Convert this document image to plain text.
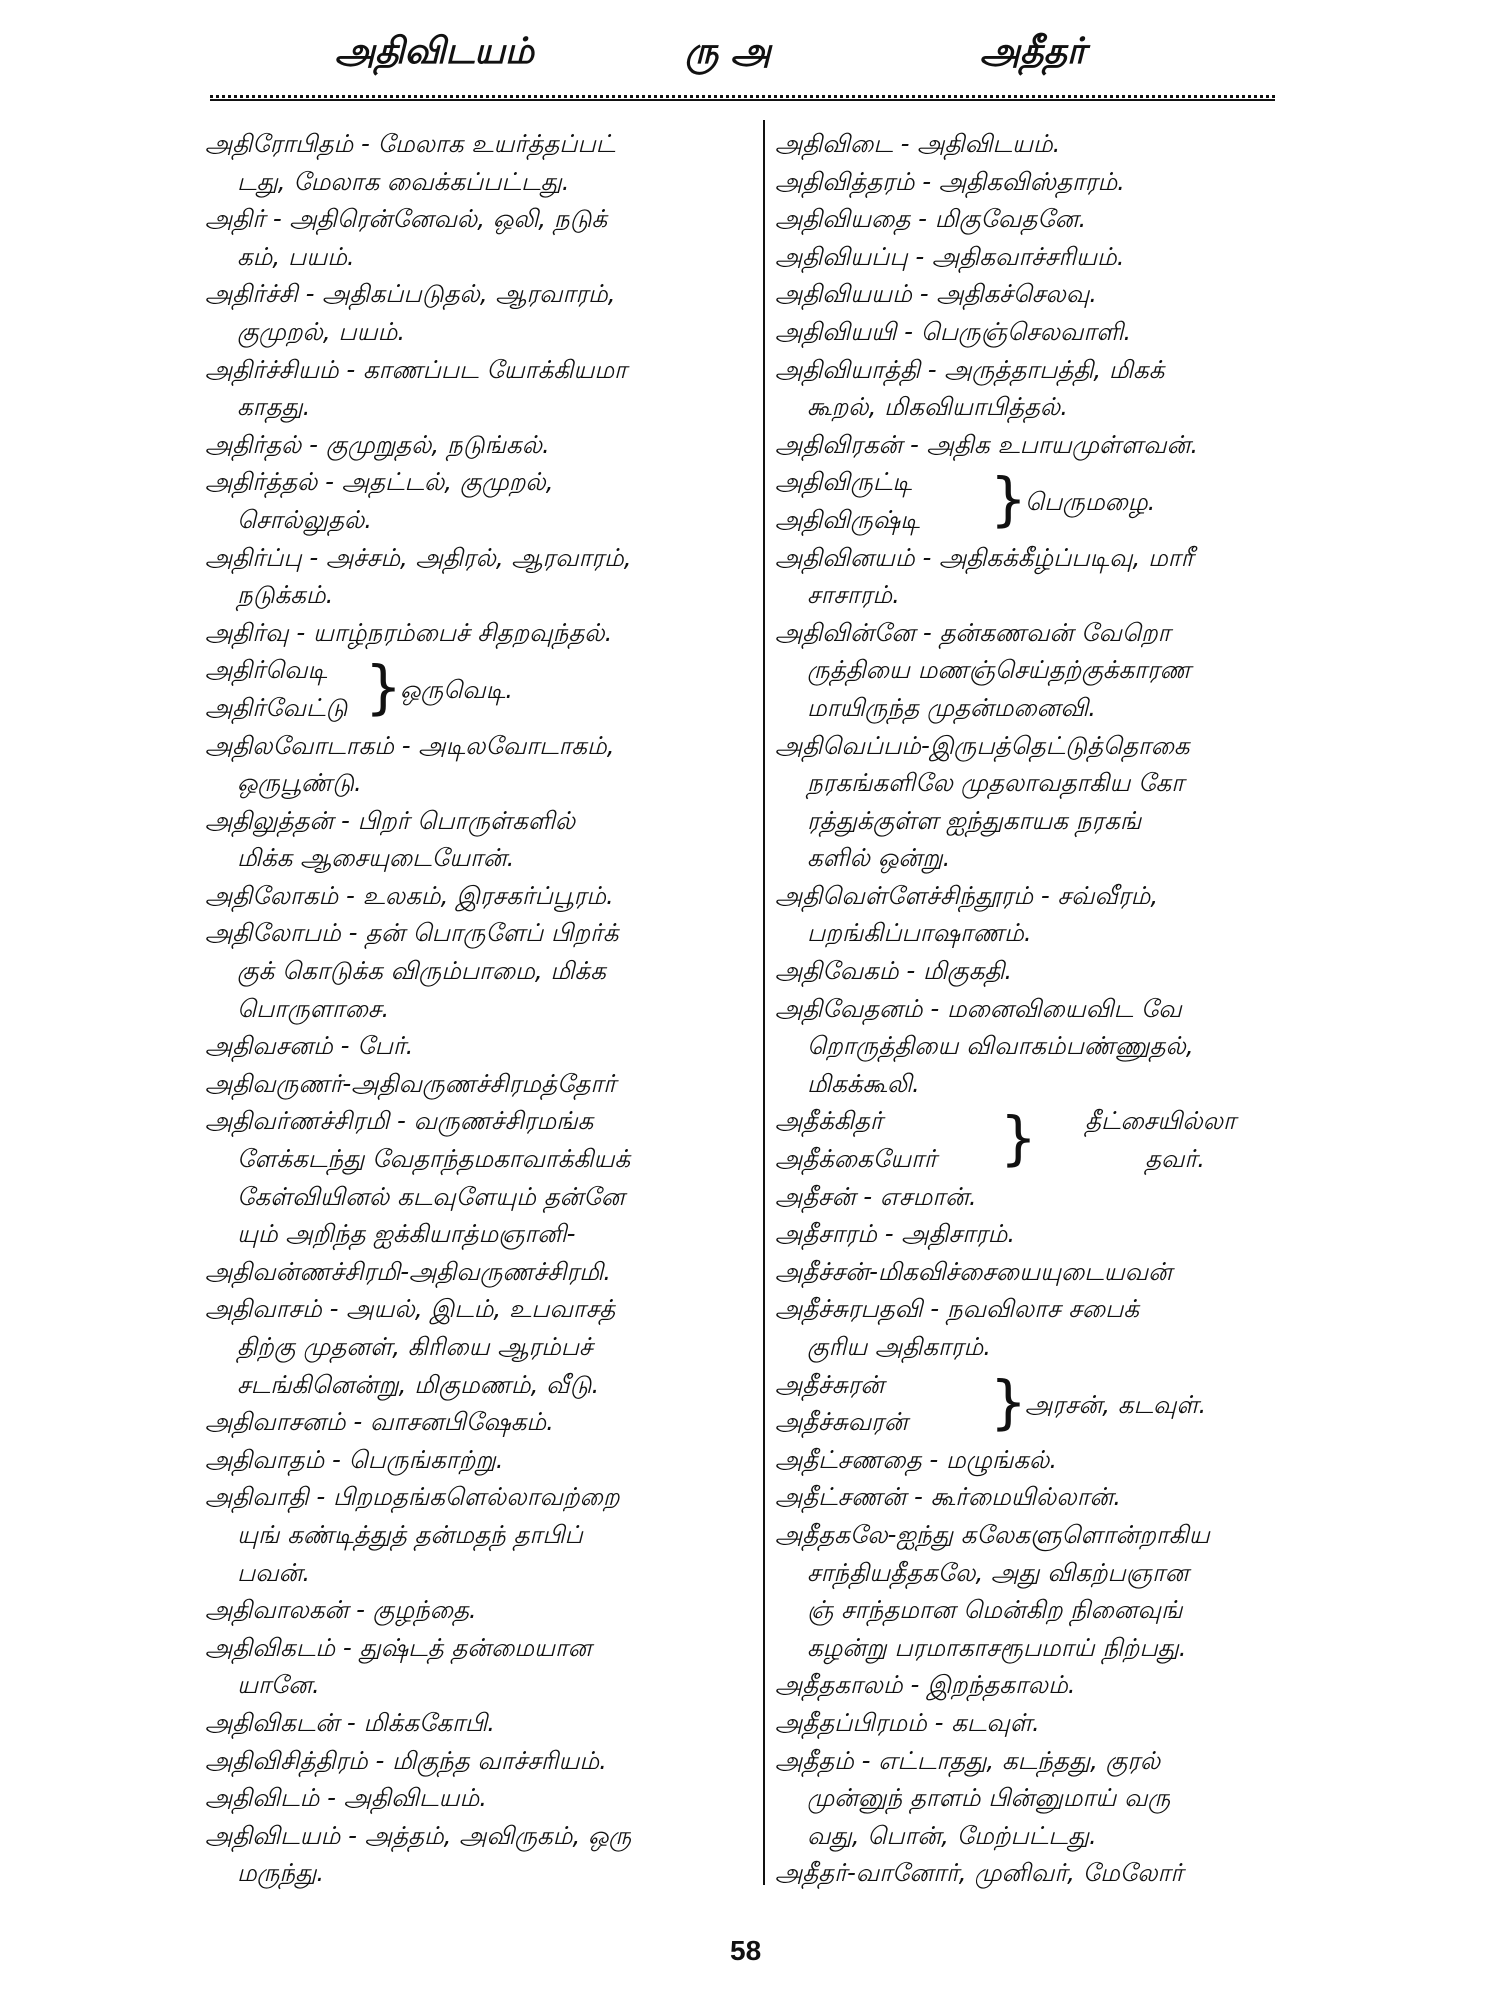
அதிவிடயம்	ரு அ	அதீதர்
அதிரோபிதம் - மேலாக உயர்த்தப்பட்
டது, மேலாக வைக்கப்பட்டது.
அதிர் - அதிரென்னேவல், ஒலி, நடுக்
கம், பயம்.
அதிர்ச்சி - அதிகப்படுதல், ஆரவாரம்,
குமுறல், பயம்.
அதிர்ச்சியம் - காணப்பட யோக்கியமா
காதது.
அதிர்தல் - குமுறுதல், நடுங்கல்.
அதிர்த்தல் - அதட்டல், குமுறல்,
சொல்லுதல்.
அதிர்ப்பு - அச்சம், அதிரல், ஆரவாரம்,
நடுக்கம்.
அதிர்வு - யாழ்நரம்பைச் சிதறவுந்தல்.
அதிர்வெடி
அதிர்வேட்டு }
ஒருவெடி.
அதிலவோடாகம் - அடிலவோடாகம்,
ஒருபூண்டு.
அதிலுத்தன் - பிறர் பொருள்களில்
மிக்க ஆசையுடையோன்.
அதிலோகம் - உலகம், இரசகர்ப்பூரம்.
அதிலோபம் - தன் பொருளேப் பிறர்க்
குக் கொடுக்க விரும்பாமை, மிக்க
பொருளாசை.
அதிவசனம் - பேர்.
அதிவருணர்-அதிவருணச்சிரமத்தோர்
அதிவர்ணச்சிரமி - வருணச்சிரமங்க
ளேக்கடந்து வேதாந்தமகாவாக்கியக்
கேள்வியினல் கடவுளேயும் தன்னே
யும் அறிந்த ஐக்கியாத்மஞானி-
அதிவன்ணச்சிரமி-அதிவருணச்சிரமி.
அதிவாசம் - அயல், இடம், உபவாசத்
திற்கு முதனள், கிரியை ஆரம்பச்
சடங்கினென்று, மிகுமணம், வீடு.
அதிவாசனம் - வாசனபிஷேகம்.
அதிவாதம் - பெருங்காற்று.
அதிவாதி - பிறமதங்களெல்லாவற்றை
யுங் கண்டித்துத் தன்மதந் தாபிப்
பவன்.
அதிவாலகன் - குழந்தை.
அதிவிகடம் - துஷ்டத் தன்மையான
யானே.
அதிவிகடன் - மிக்ககோபி.
அதிவிசித்திரம் - மிகுந்த வாச்சரியம்.
அதிவிடம் - அதிவிடயம்.
அதிவிடயம் - அத்தம், அவிருகம், ஒரு
மருந்து.
அதிவிடை - அதிவிடயம்.
அதிவித்தரம் - அதிகவிஸ்தாரம்.
அதிவியதை - மிகுவேதனே.
அதிவியப்பு - அதிகவாச்சரியம்.
அதிவியயம் - அதிகச்செலவு.
அதிவியயி - பெருஞ்செலவாளி.
அதிவியாத்தி - அருத்தாபத்தி, மிகக்
கூறல், மிகவியாபித்தல்.
அதிவிரகன் - அதிக உபாயமுள்ளவன்.
அதிவிருட்டி
அதிவிருஷ்டி }
பெருமழை.
அதிவினயம் - அதிகக்கீழ்ப்படிவு, மாரீ
சாசாரம்.
அதிவின்னே - தன்கணவன் வேறொ
ருத்தியை மணஞ்செய்தற்குக்காரண
மாயிருந்த முதன்மனைவி.
அதிவெப்பம்-இருபத்தெட்டுத்தொகை
நரகங்களிலே முதலாவதாகிய கோ
ரத்துக்குள்ள ஐந்துகாயக நரகங்
களில் ஒன்று.
அதிவெள்ளேச்சிந்தூரம் - சவ்வீரம்,
பறங்கிப்பாஷாணம்.
அதிவேகம் - மிகுகதி.
அதிவேதனம் - மனைவியைவிட வே
றொருத்தியை விவாகம்பண்ணுதல்,
மிகக்கூலி.
அதீக்கிதர்
அதீக்கையோர் }	தவர்.
தீட்சையில்லா
அதீசன் - எசமான்.
அதீசாரம் - அதிசாரம்.
அதீச்சன்-மிகவிச்சையையுடையவன்
அதீச்சுரபதவி - நவவிலாச சபைக்
குரிய அதிகாரம்.
அதீச்சுரன்
அதீச்சுவரன் }
அரசன், கடவுள்.
அதீட்சணதை - மழுங்கல்.
அதீட்சணன் - கூர்மையில்லான்.
அதீதகலே-ஐந்து கலேகளுளொன்றாகிய
சாந்தியதீதகலே, அது விகற்பஞான
ஞ் சாந்தமான மென்கிற நினைவுங்
கழன்று பரமாகாசரூபமாய் நிற்பது.
அதீதகாலம் - இறந்தகாலம்.
அதீதப்பிரமம் - கடவுள்.
அதீதம் - எட்டாதது, கடந்தது, குரல்
முன்னுந் தாளம் பின்னுமாய் வரு
வது, பொன், மேற்பட்டது.
அதீதர்-வானோர், முனிவர், மேலோர்
58
